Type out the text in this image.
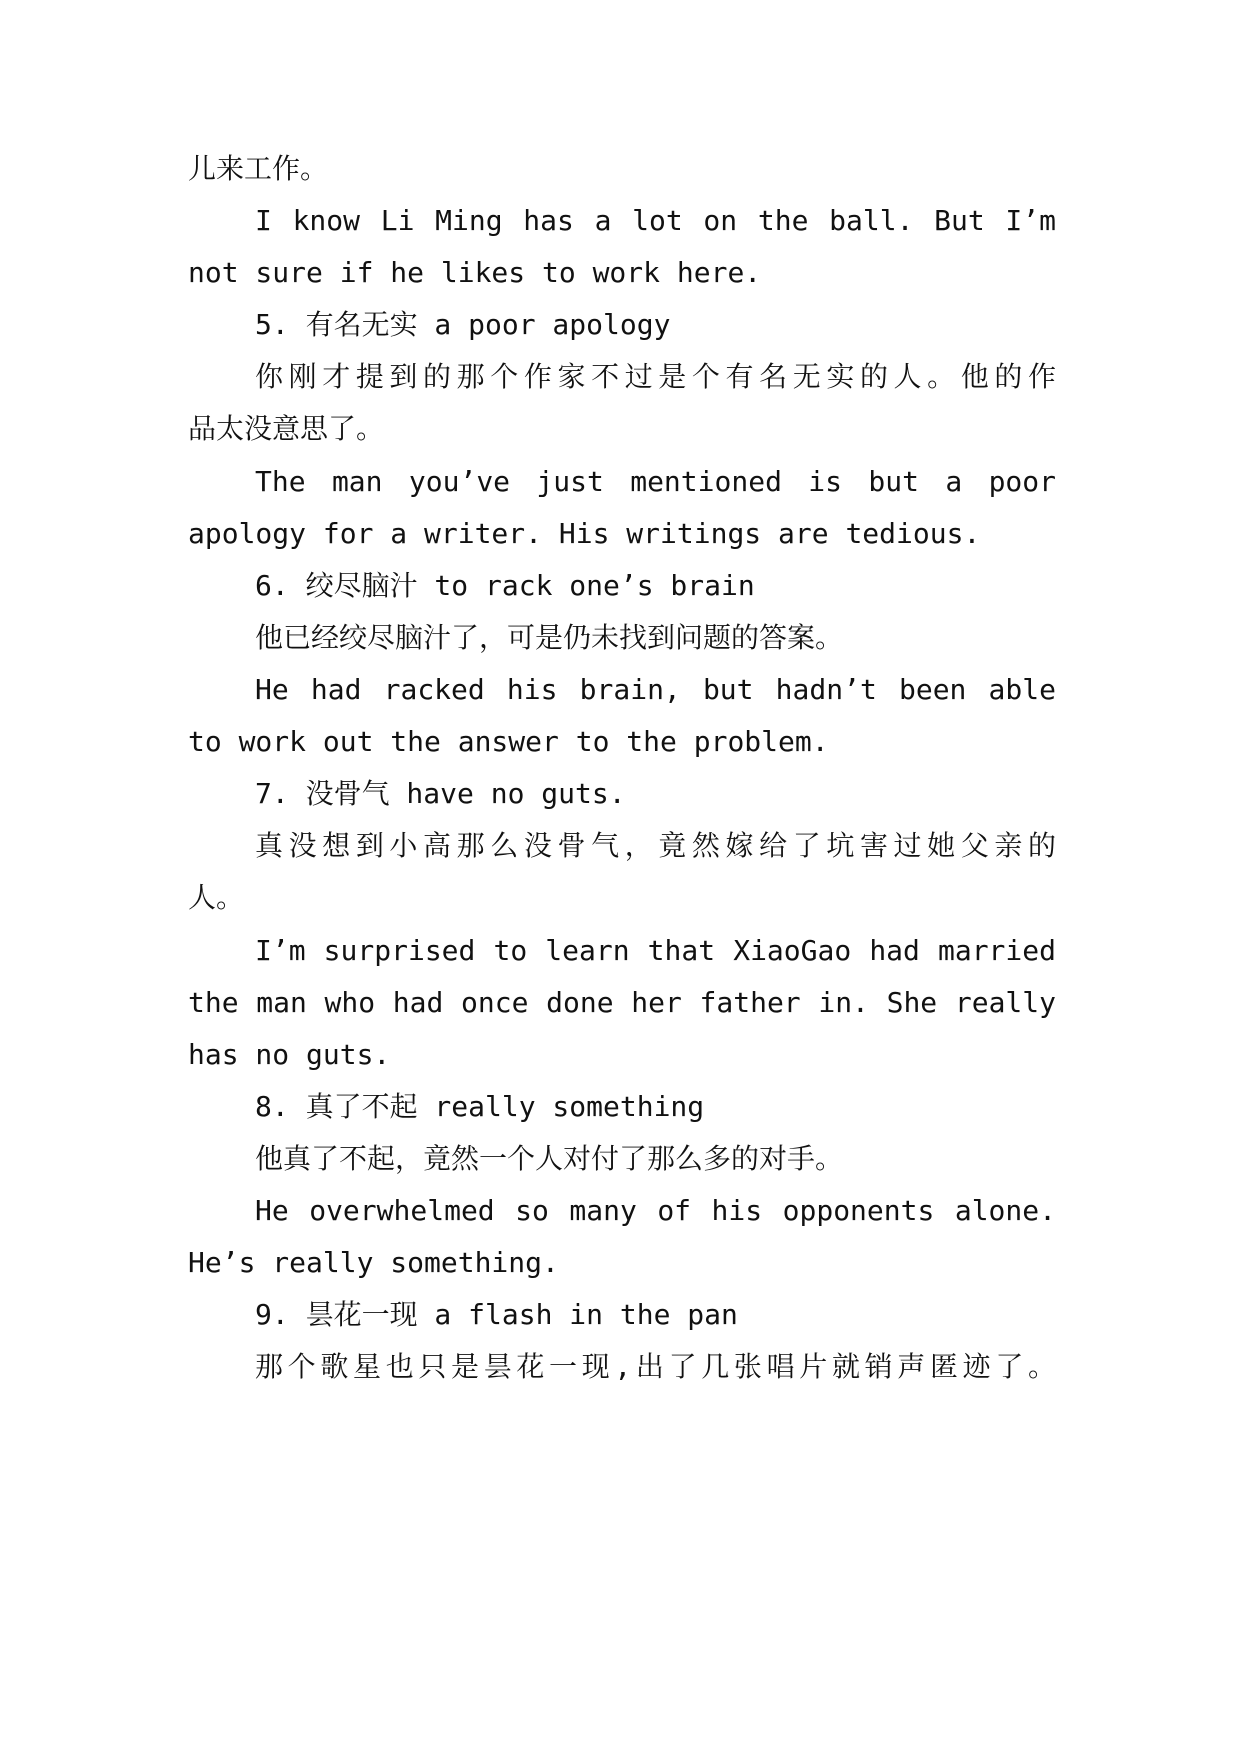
儿来工作。
I know Li Ming has a lot on the ball. But I’m
not sure if he likes to work here.
5. 有名无实 a poor apology
你刚才提到的那个作家不过是个有名无实的人。他的作
品太没意思了。
The man you’ve just mentioned is but a poor
apology for a writer. His writings are tedious.
6. 绞尽脑汁 to rack one’s brain
他已经绞尽脑汁了，可是仍未找到问题的答案。
He had racked his brain, but hadn’t been able
to work out the answer to the problem.
7. 没骨气 have no guts.
真没想到小高那么没骨气，竟然嫁给了坑害过她父亲的
人。
I’m surprised to learn that XiaoGao had married
the man who had once done her father in. She really
has no guts.
8. 真了不起 really something
他真了不起，竟然一个人对付了那么多的对手。
He overwhelmed so many of his opponents alone.
He’s really something.
9. 昙花一现 a flash in the pan
那个歌星也只是昙花一现,出了几张唱片就销声匿迹了。
